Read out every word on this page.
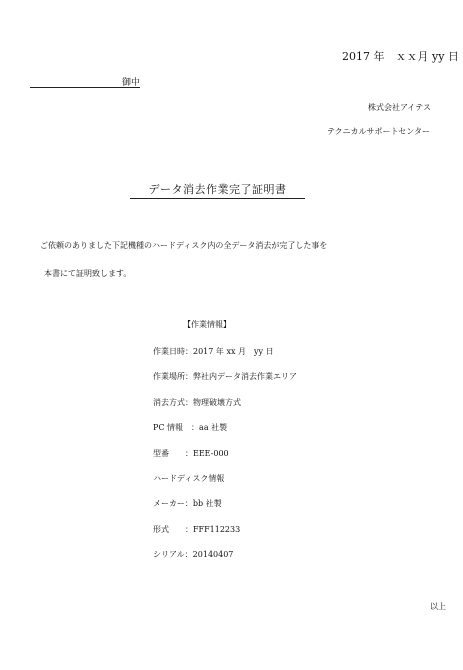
2017 年　ｘｘ月 yy 日
御中
株式会社アイテス
テクニカルサポートセンター
データ消去作業完了証明書
ご依頼のありました下記機種のハードディスク内の全データ消去が完了した事を
本書にて証明致します。
【作業情報】
作業日時：2017 年 xx 月　yy 日
作業場所：弊社内データ消去作業エリア
消去方式：物理破壊方式
PC 情報　：aa 社製
型番　　：EEE-000
ハードディスク情報
メーカー：bb 社製
形式　　：FFF112233
シリアル：20140407
以上
